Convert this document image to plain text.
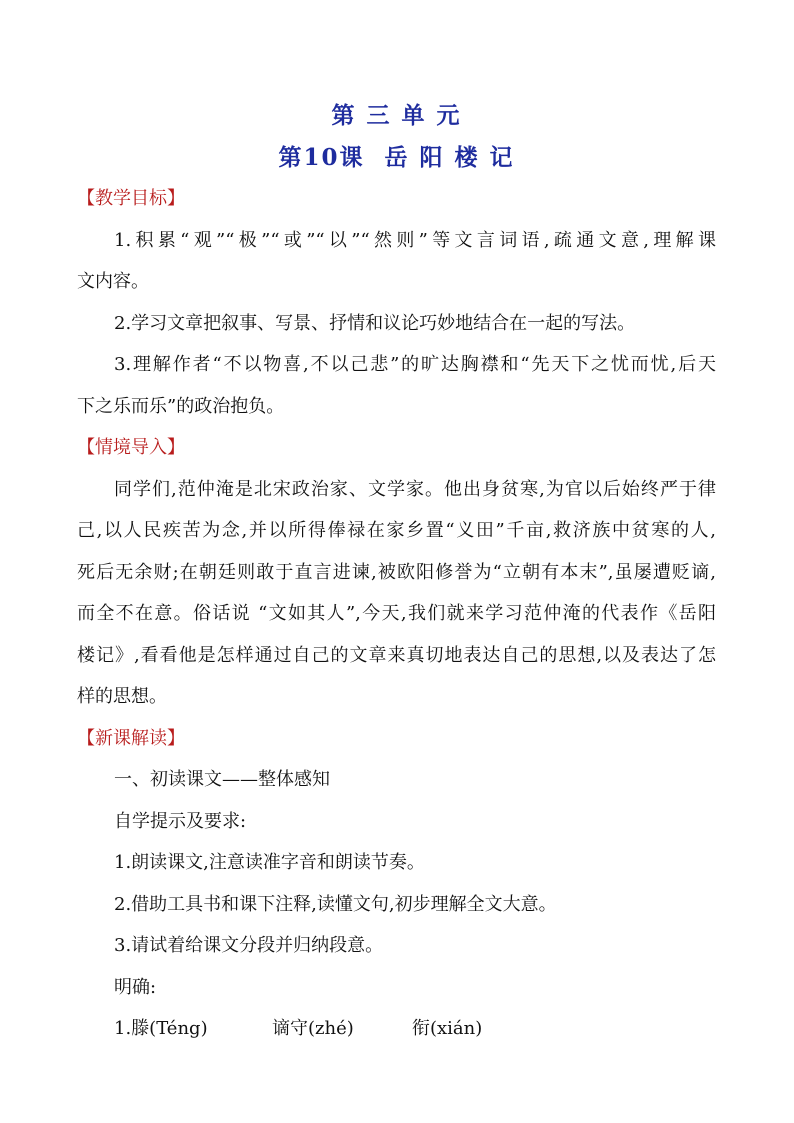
第 三 单 元
第10课  岳 阳 楼 记
【教学目标】
1.积累“观”“极”“或”“以”“然则”等文言词语,疏通文意,理解课
文内容。
2.学习文章把叙事、写景、抒情和议论巧妙地结合在一起的写法。
3.理解作者“不以物喜,不以己悲”的旷达胸襟和“先天下之忧而忧,后天
下之乐而乐”的政治抱负。
【情境导入】
同学们,范仲淹是北宋政治家、文学家。他出身贫寒,为官以后始终严于律
己,以人民疾苦为念,并以所得俸禄在家乡置“义田”千亩,救济族中贫寒的人,
死后无余财;在朝廷则敢于直言进谏,被欧阳修誉为“立朝有本末”,虽屡遭贬谪,
而全不在意。俗话说 “文如其人”,今天,我们就来学习范仲淹的代表作《岳阳
楼记》,看看他是怎样通过自己的文章来真切地表达自己的思想,以及表达了怎
样的思想。
【新课解读】
一、初读课文——整体感知
自学提示及要求:
1.朗读课文,注意读准字音和朗读节奏。
2.借助工具书和课下注释,读懂文句,初步理解全文大意。
3.请试着给课文分段并归纳段意。
明确:
1.滕(Téng)	谪守(zhé)	衔(xián)
